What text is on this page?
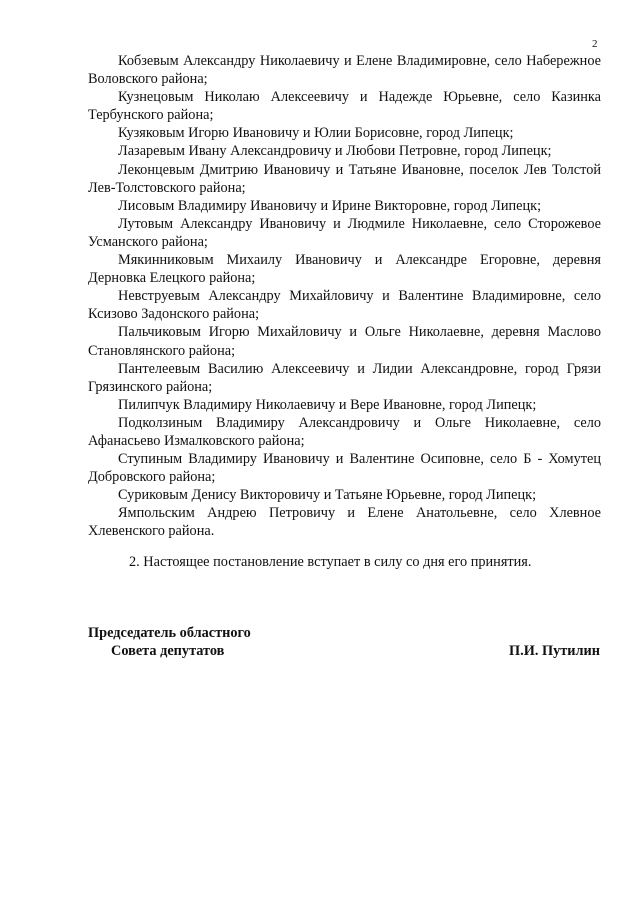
2

Кобзевым Александру Николаевичу и Елене Владимировне, село Набережное Воловского района;

Кузнецовым Николаю Алексеевичу и Надежде Юрьевне, село Казинка Тербунского района;

Кузяковым Игорю Ивановичу и Юлии Борисовне, город Липецк;

Лазаревым Ивану Александровичу и Любови Петровне, город Липецк;

Леконцевым Дмитрию Ивановичу и Татьяне Ивановне, поселок Лев Толстой Лев-Толстовского района;

Лисовым Владимиру Ивановичу и Ирине Викторовне, город Липецк;

Лутовым Александру Ивановичу и Людмиле Николаевне, село Сторожевое Усманского района;

Мякинниковым Михаилу Ивановичу и Александре Егоровне, деревня Дерновка Елецкого района;

Невструевым Александру Михайловичу и Валентине Владимировне, село Ксизово Задонского района;

Пальчиковым Игорю Михайловичу и Ольге Николаевне, деревня Маслово Становлянского района;

Пантелеевым Василию Алексеевичу и Лидии Александровне, город Грязи Грязинского района;

Пилипчук Владимиру Николаевичу и Вере Ивановне, город Липецк;

Подколзиным Владимиру Александровичу и Ольге Николаевне, село Афанасьево Измалковского района;

Ступиным Владимиру Ивановичу и Валентине Осиповне, село Б - Хомутец Добровского района;

Суриковым Денису Викторовичу и Татьяне Юрьевне, город Липецк;

Ямпольским Андрею Петровичу и Елене Анатольевне, село Хлевное Хлевенского района.

2. Настоящее постановление вступает в силу со дня его принятия.

Председатель областного

Совета депутатов	П.И. Путилин
